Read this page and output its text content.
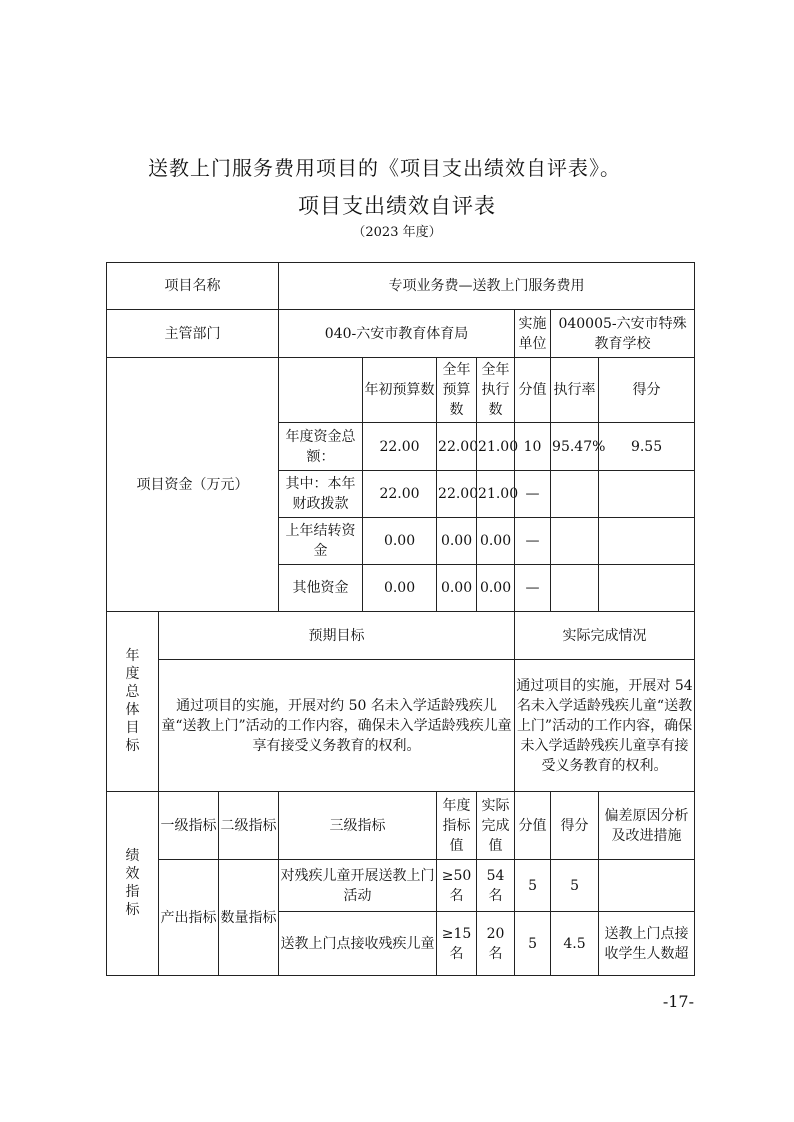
送教上门服务费用项目的《项目支出绩效自评表》。
项目支出绩效自评表
（2023 年度）
项目名称			专项业务费—送教上门服务费用						
主管部门			040-六安市教育体育局				实施单位	040005-六安市特殊教育学校	
项目资金（万元）				年初预算数	全年预算数	全年执行数	分值	执行率	得分
			年度资金总额：	22.00	22.00	21.00	10	95.47%	9.55
			其中：本年财政拨款	22.00	22.00	21.00	—		
			上年结转资金	0.00	0.00	0.00	—		
			其他资金	0.00	0.00	0.00	—		
年度总体目标	预期目标						实际完成情况		
	通过项目的实施，开展对约 50 名未入学适龄残疾儿童“送教上门”活动的工作内容，确保未入学适龄残疾儿童享有接受义务教育的权利。						通过项目的实施，开展对 54 名未入学适龄残疾儿童“送教上门”活动的工作内容，确保未入学适龄残疾儿童享有接受义务教育的权利。		
绩效指标	一级指标	二级指标	三级指标		年度指标值	实际完成值	分值	得分	偏差原因分析及改进措施
	产出指标	数量指标	对残疾儿童开展送教上门活动		≥50名	54 名	5	5	
			送教上门点接收残疾儿童		≥15名	20 名	5	4.5	送教上门点接收学生人数超
-17-
